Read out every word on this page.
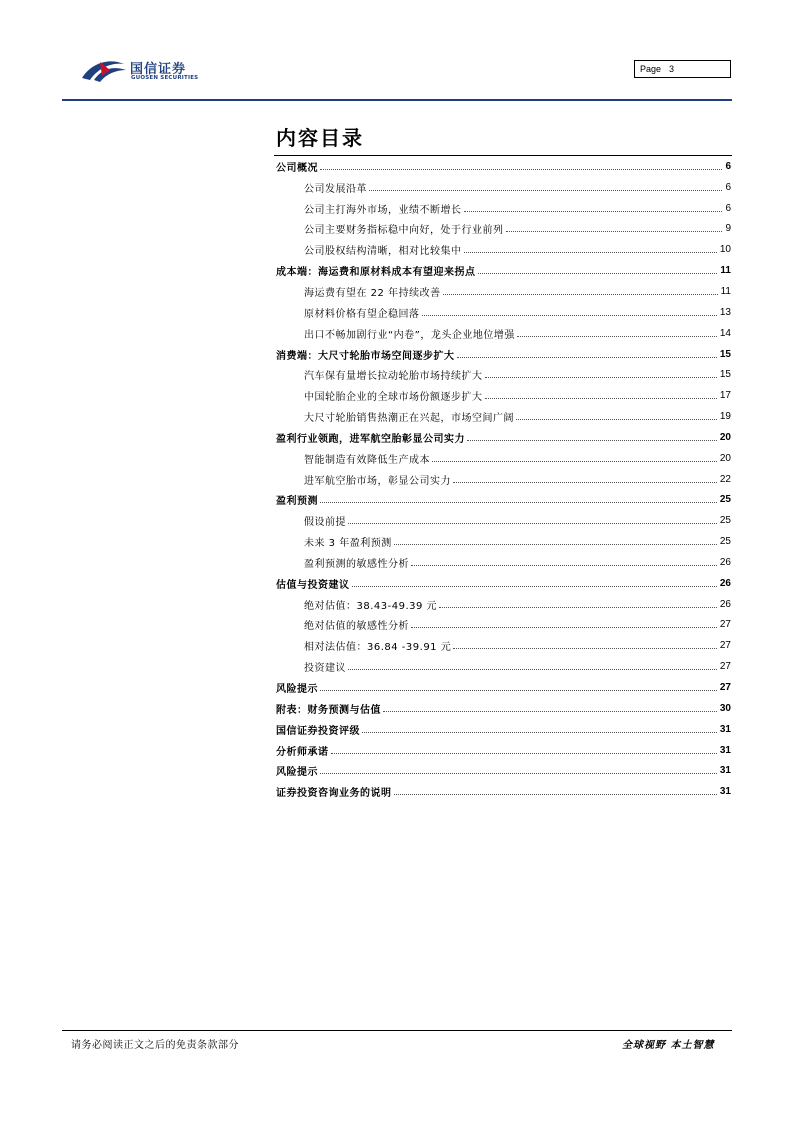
国信证券
GUOSEN SECURITIES
Page 3
内容目录
公司概况	6
公司发展沿革	6
公司主打海外市场，业绩不断增长	6
公司主要财务指标稳中向好，处于行业前列	9
公司股权结构清晰，相对比较集中	10
成本端：海运费和原材料成本有望迎来拐点	11
海运费有望在 22 年持续改善	11
原材料价格有望企稳回落	13
出口不畅加剧行业“内卷”，龙头企业地位增强	14
消费端：大尺寸轮胎市场空间逐步扩大	15
汽车保有量增长拉动轮胎市场持续扩大	15
中国轮胎企业的全球市场份额逐步扩大	17
大尺寸轮胎销售热潮正在兴起，市场空间广阔	19
盈利行业领跑，进军航空胎彰显公司实力	20
智能制造有效降低生产成本	20
进军航空胎市场，彰显公司实力	22
盈利预测	25
假设前提	25
未来 3 年盈利预测	25
盈利预测的敏感性分析	26
估值与投资建议	26
绝对估值：38.43-49.39 元	26
绝对估值的敏感性分析	27
相对法估值：36.84 -39.91 元	27
投资建议	27
风险提示	27
附表：财务预测与估值	30
国信证券投资评级	31
分析师承诺	31
风险提示	31
证券投资咨询业务的说明	31
请务必阅读正文之后的免责条款部分	全球视野 本土智慧
